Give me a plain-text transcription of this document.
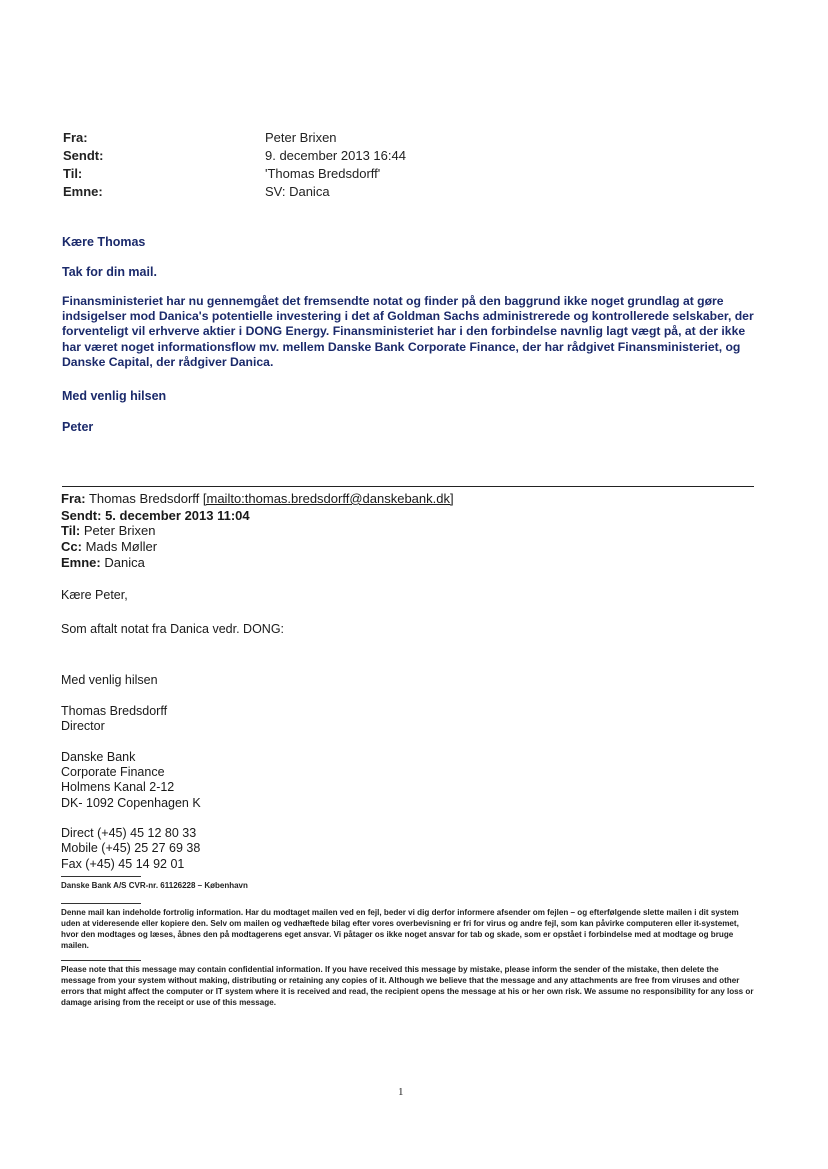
Fra:	Peter Brixen
Sendt:	9. december 2013 16:44
Til:	'Thomas Bredsdorff'
Emne:	SV: Danica
Kære Thomas
Tak for din mail.

Finansministeriet har nu gennemgået det fremsendte notat og finder på den baggrund ikke noget grundlag at gøre indsigelser mod Danica's potentielle investering i det af Goldman Sachs administrerede og kontrollerede selskaber, der forventeligt vil erhverve aktier i DONG Energy. Finansministeriet har i den forbindelse navnlig lagt vægt på, at der ikke har været noget informationsflow mv. mellem Danske Bank Corporate Finance, der har rådgivet Finansministeriet, og Danske Capital, der rådgiver Danica.

Med venlig hilsen
Peter
Fra: Thomas Bredsdorff [mailto:thomas.bredsdorff@danskebank.dk]
Sendt: 5. december 2013 11:04
Til: Peter Brixen
Cc: Mads Møller
Emne: Danica
Kære Peter,
Som aftalt notat fra Danica vedr. DONG:
Med venlig hilsen
Thomas Bredsdorff
Director
Danske Bank
Corporate Finance
Holmens Kanal 2-12
DK- 1092 Copenhagen K
Direct (+45) 45 12 80 33
Mobile (+45) 25 27 69 38
Fax (+45) 45 14 92 01
Danske Bank A/S CVR-nr. 61126228 – København

Denne mail kan indeholde fortrolig information. Har du modtaget mailen ved en fejl, beder vi dig derfor informere afsender om fejlen – og efterfølgende slette mailen i dit system uden at videresende eller kopiere den. Selv om mailen og vedhæftede bilag efter vores overbevisning er fri for virus og andre fejl, som kan påvirke computeren eller it-systemet, hvor den modtages og læses, åbnes den på modtagerens eget ansvar. Vi påtager os ikke noget ansvar for tab og skade, som er opstået i forbindelse med at modtage og bruge mailen.

Please note that this message may contain confidential information. If you have received this message by mistake, please inform the sender of the mistake, then delete the message from your system without making, distributing or retaining any copies of it. Although we believe that the message and any attachments are free from viruses and other errors that might affect the computer or IT system where it is received and read, the recipient opens the message at his or her own risk. We assume no responsibility for any loss or damage arising from the receipt or use of this message.

1
